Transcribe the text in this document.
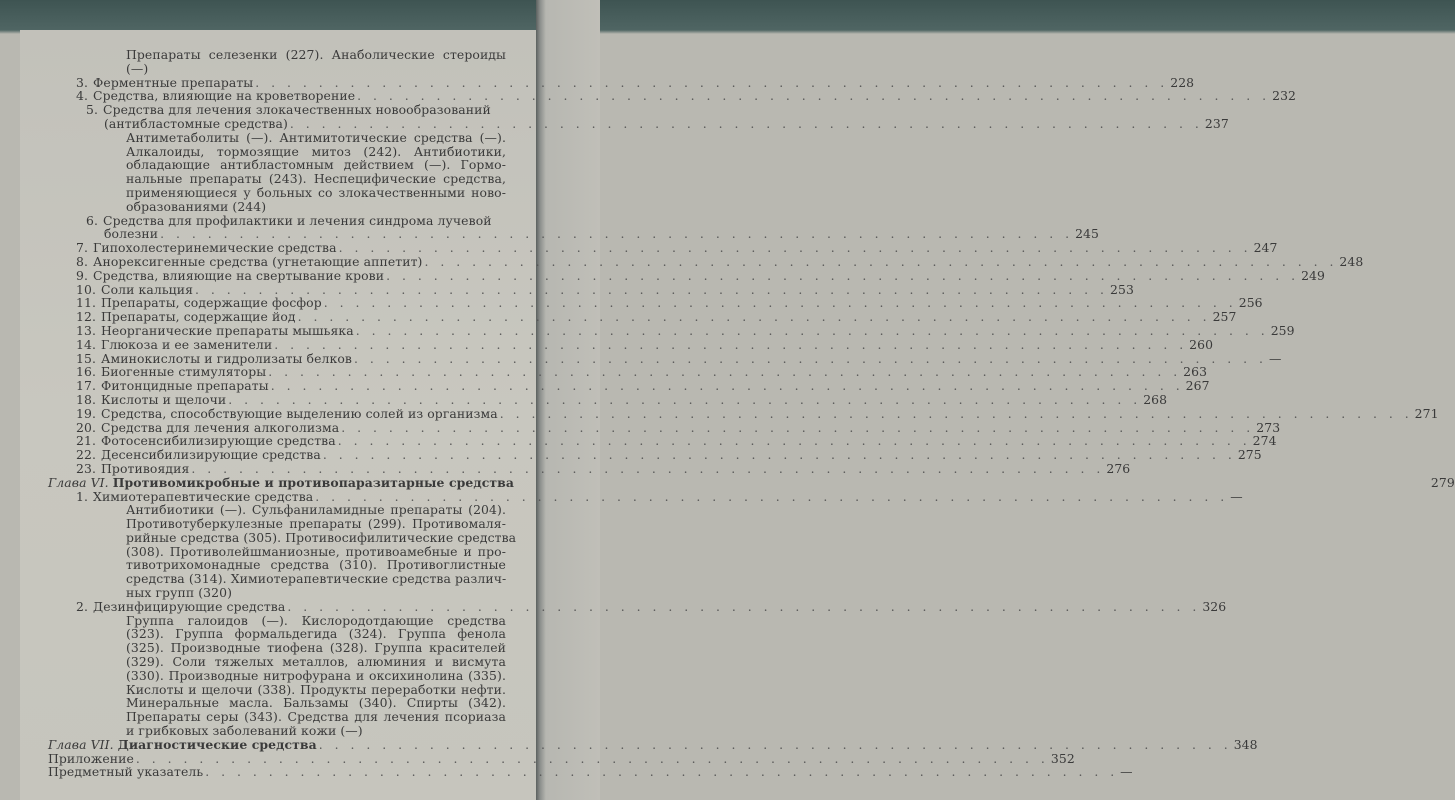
Препараты селезенки (227). Анаболические стероиды
(—)
3. Ферментные препараты . . .	228
4. Средства, влияющие на кроветворение . . .	232
5. Средства для лечения злокачественных новообразований
(антибластомные средства) . . .	237
Антиметаболиты (—). Антимитотические средства (—).
Алкалоиды, тормозящие митоз (242). Антибиотики,
обладающие антибластомным действием (—). Гормо-
нальные препараты (243). Неспецифические средства,
применяющиеся у больных со злокачественными ново-
образованиями (244)
6. Средства для профилактики и лечения синдрома лучевой
болезни . . .	245
7. Гипохолестеринемические средства . . .	247
8. Анорексигенные средства (угнетающие аппетит) . . .	248
9. Средства, влияющие на свертывание крови . . .	249
10. Соли кальция . . .	253
11. Препараты, содержащие фосфор . . .	256
12. Препараты, содержащие йод . . .	257
13. Неорганические препараты мышьяка . . .	259
14. Глюкоза и ее заменители . . .	260
15. Аминокислоты и гидролизаты белков . . .	—
16. Биогенные стимуляторы . . .	263
17. Фитонцидные препараты . . .	267
18. Кислоты и щелочи . . .	268
19. Средства, способствующие выделению солей из организма . . .	271
20. Средства для лечения алкоголизма . . .	273
21. Фотосенсибилизирующие средства . . .	274
22. Десенсибилизирующие средства . . .	275
23. Противоядия . . .	276
Глава VI. Противомикробные и противопаразитарные средства	279
1. Химиотерапевтические средства . . .	—
Антибиотики (—). Сульфаниламидные препараты (204).
Противотуберкулезные препараты (299). Противомаля-
рийные средства (305). Противосифилитические средства
(308). Противолейшманиозные, противоамебные и про-
тивотрихомонадные средства (310). Противоглистные
средства (314). Химиотерапевтические средства различ-
ных групп (320)
2. Дезинфицирующие средства . . .	326
Группа галоидов (—). Кислородотдающие средства
(323). Группа формальдегида (324). Группа фенола
(325). Производные тиофена (328). Группа красителей
(329). Соли тяжелых металлов, алюминия и висмута
(330). Производные нитрофурана и оксихинолина (335).
Кислоты и щелочи (338). Продукты переработки нефти.
Минеральные масла. Бальзамы (340). Спирты (342).
Препараты серы (343). Средства для лечения псориаза
и грибковых заболеваний кожи (—)
Глава VII. Диагностические средства . . .	348
Приложение . . .	352
Предметный указатель . . .	—
